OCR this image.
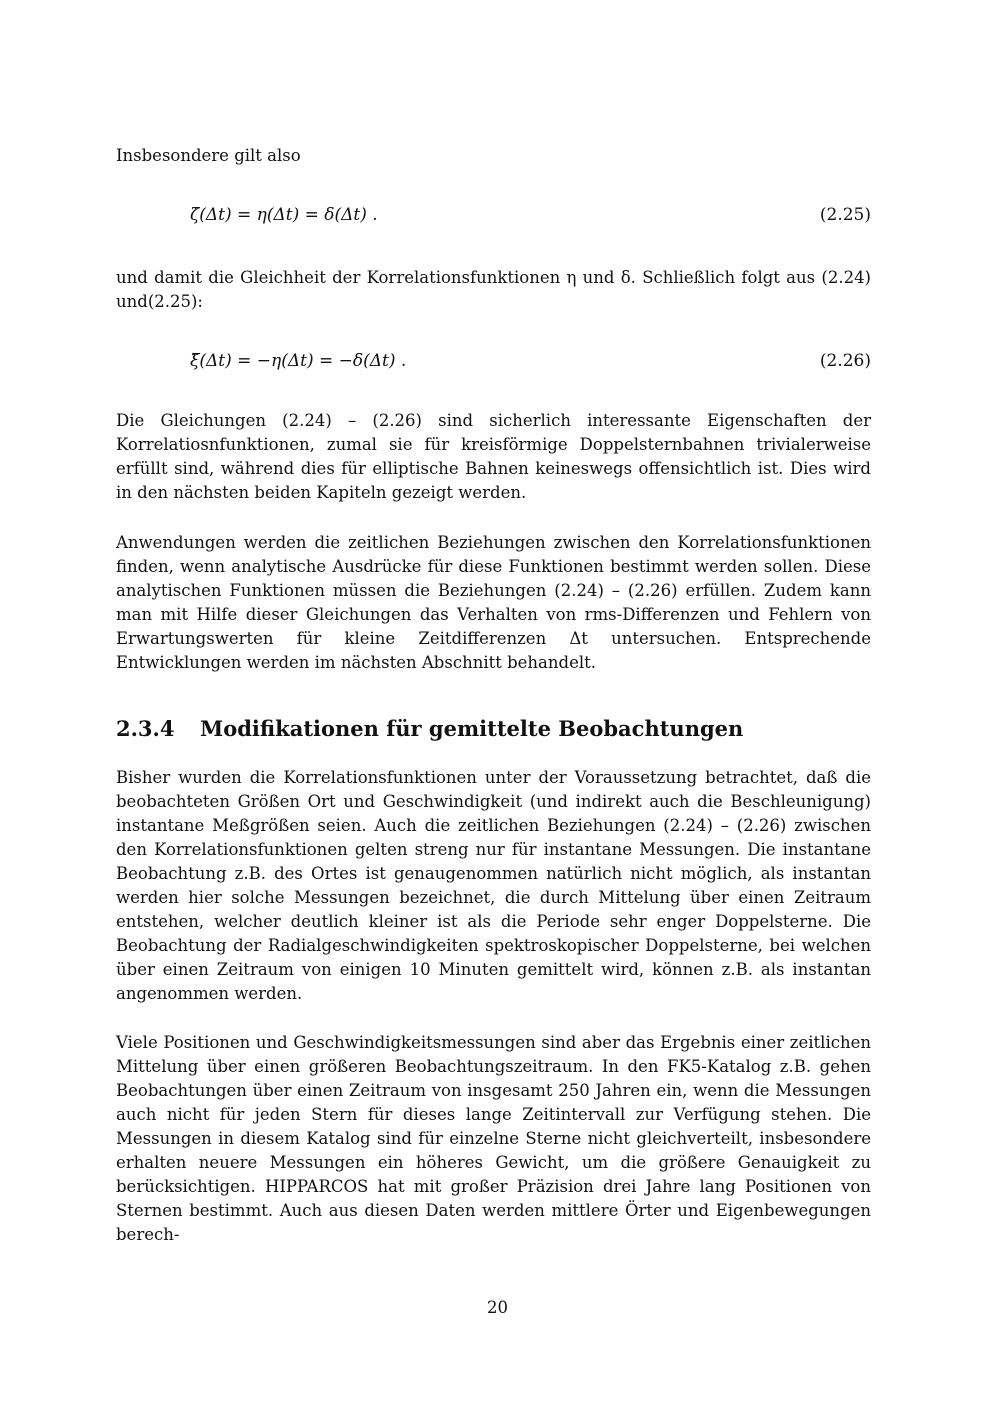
Insbesondere gilt also

ζ̇(Δt) = η(Δt) = δ(Δt) .	(2.25)

und damit die Gleichheit der Korrelationsfunktionen η und δ. Schließlich folgt aus (2.24) und(2.25):

ξ̈(Δt) = −η(Δt) = −δ(Δt) .	(2.26)

Die Gleichungen (2.24) – (2.26) sind sicherlich interessante Eigenschaften der Korrelatiosnfunktionen, zumal sie für kreisförmige Doppelsternbahnen trivialerweise erfüllt sind, während dies für elliptische Bahnen keineswegs offensichtlich ist. Dies wird in den nächsten beiden Kapiteln gezeigt werden.

Anwendungen werden die zeitlichen Beziehungen zwischen den Korrelationsfunktionen finden, wenn analytische Ausdrücke für diese Funktionen bestimmt werden sollen. Diese analytischen Funktionen müssen die Beziehungen (2.24) – (2.26) erfüllen. Zudem kann man mit Hilfe dieser Gleichungen das Verhalten von rms-Differenzen und Fehlern von Erwartungswerten für kleine Zeitdifferenzen Δt untersuchen. Entsprechende Entwicklungen werden im nächsten Abschnitt behandelt.

2.3.4 Modifikationen für gemittelte Beobachtungen

Bisher wurden die Korrelationsfunktionen unter der Voraussetzung betrachtet, daß die beobachteten Größen Ort und Geschwindigkeit (und indirekt auch die Beschleunigung) instantane Meßgrößen seien. Auch die zeitlichen Beziehungen (2.24) – (2.26) zwischen den Korrelationsfunktionen gelten streng nur für instantane Messungen. Die instantane Beobachtung z.B. des Ortes ist genaugenommen natürlich nicht möglich, als instantan werden hier solche Messungen bezeichnet, die durch Mittelung über einen Zeitraum entstehen, welcher deutlich kleiner ist als die Periode sehr enger Doppelsterne. Die Beobachtung der Radialgeschwindigkeiten spektroskopischer Doppelsterne, bei welchen über einen Zeitraum von einigen 10 Minuten gemittelt wird, können z.B. als instantan angenommen werden.

Viele Positionen und Geschwindigkeitsmessungen sind aber das Ergebnis einer zeitlichen Mittelung über einen größeren Beobachtungszeitraum. In den FK5-Katalog z.B. gehen Beobachtungen über einen Zeitraum von insgesamt 250 Jahren ein, wenn die Messungen auch nicht für jeden Stern für dieses lange Zeitintervall zur Verfügung stehen. Die Messungen in diesem Katalog sind für einzelne Sterne nicht gleichverteilt, insbesondere erhalten neuere Messungen ein höheres Gewicht, um die größere Genauigkeit zu berücksichtigen. HIPPARCOS hat mit großer Präzision drei Jahre lang Positionen von Sternen bestimmt. Auch aus diesen Daten werden mittlere Örter und Eigenbewegungen berech-

20
